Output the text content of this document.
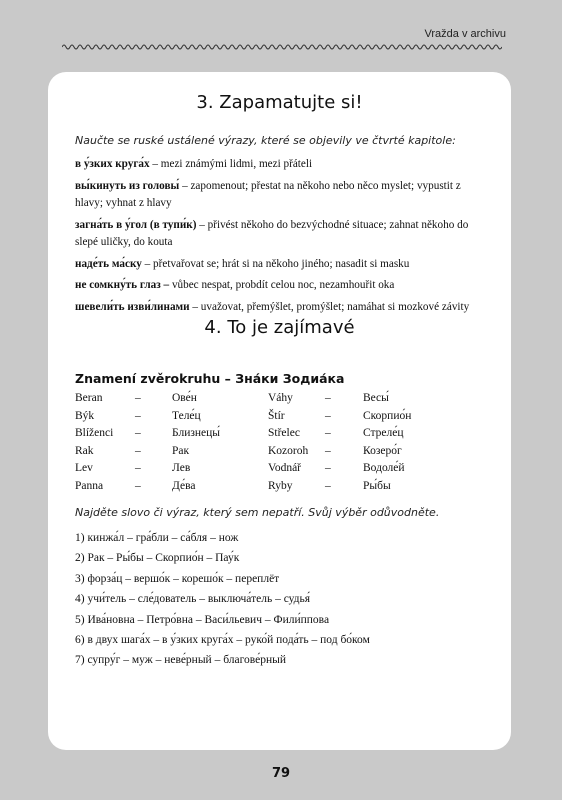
Vražda v archivu
3. Zapamatujte si!
Naučte se ruské ustálené výrazy, které se objevily ve čtvrté kapitole:

в у́зких круга́х – mezi známými lidmi, mezi přáteli

вы́кинуть из головы́ – zapomenout; přestat na někoho nebo něco myslet; vypustit z hlavy; vyhnat z hlavy

загна́ть в у́гол (в тупи́к) – přivést někoho do bezvýchodné situace; zahnat někoho do slepé uličky, do kouta

наде́ть ма́ску – přetvařovat se; hrát si na někoho jiného; nasadit si masku

не сомкну́ть глаз – vůbec nespat, probdít celou noc, nezamhouřit oka

шевели́ть изви́линами – uvažovat, přemýšlet, promýšlet; namáhat si mozkové závity

4. To je zajímavé
Znamení zvěrokruhu – Зна́ки Зодиа́ка
Beran	–	Ове́н	Váhy	–	Весы́
Býk	–	Теле́ц	Štír	–	Скорпио́н
Blíženci –	Близнецы́	Střelec –	Стреле́ц
Rak	–	Рак	Kozoroh –	Козеро́г
Lev	–	Лев	Vodnář –	Водоле́й
Panna	–	Де́ва	Ryby	–	Ры́бы
Najděte slovo či výraz, který sem nepatří. Svůj výběr odůvodněte.
1) кинжа́л – гра́бли – са́бля – нож
2) Рак – Ры́бы – Скорпио́н – Пау́к
3) форза́ц – вершо́к – корешо́к – переплёт
4) учи́тель – сле́дователь – выключа́тель – судья́
5) Ива́новна – Петро́вна – Васи́льевич – Фили́ппова
6) в двух шага́х – в у́зких круга́х – руко́й пода́ть – под бо́ком
7) супру́г – муж – неве́рный – благове́рный
79
